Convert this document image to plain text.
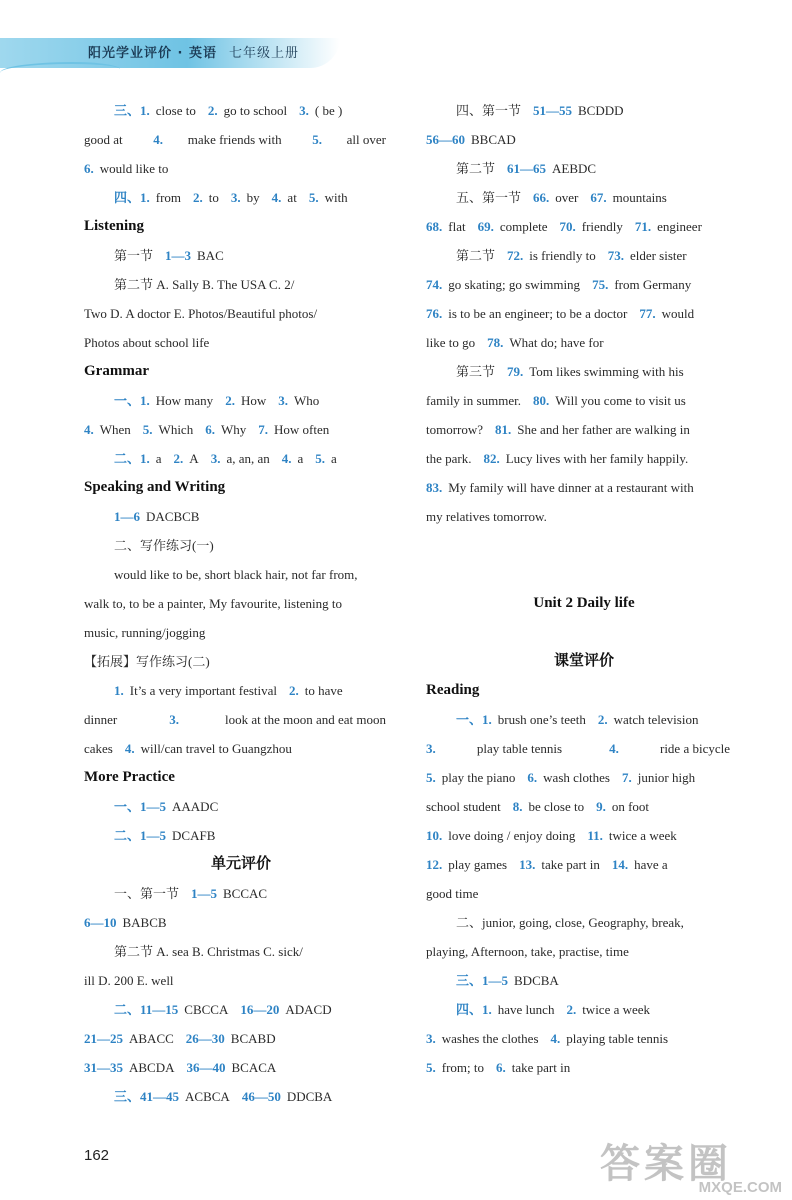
阳光学业评价 · 英语 七年级上册
三、1. close to 2. go to school 3. ( be )
good at 4. make friends with 5. all over
6. would like to
四、1. from 2. to 3. by 4. at 5. with
Listening
第一节 1—3 BAC
第二节 A. Sally B. The USA C. 2/
Two D. A doctor E. Photos/Beautiful photos/
Photos about school life
Grammar
一、1. How many 2. How 3. Who
4. When 5. Which 6. Why 7. How often
二、1. a 2. A 3. a, an, an 4. a 5. a
Speaking and Writing
1—6 DACBCB
二、写作练习(一)
would like to be, short black hair, not far from,
walk to, to be a painter, My favourite, listening to
music, running/jogging
【拓展】写作练习(二)
1. It’s a very important festival 2. to have
dinner	3.	look at the moon and eat moon
cakes 4. will/can travel to Guangzhou
More Practice
一、1—5 AAADC
二、1—5 DCAFB
单元评价
一、第一节 1—5 BCCAC
6—10 BABCB
第二节 A. sea B. Christmas C. sick/
ill D. 200 E. well
二、11—15 CBCCA 16—20 ADACD
21—25 ABACC 26—30 BCABD
31—35 ABCDA 36—40 BCACA
三、41—45 ACBCA 46—50 DDCBA
四、第一节 51—55 BCDDD
56—60 BBCAD
第二节 61—65 AEBDC
五、第一节 66. over 67. mountains
68. flat 69. complete 70. friendly 71. engineer
第二节 72. is friendly to 73. elder sister
74. go skating; go swimming 75. from Germany
76. is to be an engineer; to be a doctor 77. would
like to go 78. What do; have for
第三节 79. Tom likes swimming with his
family in summer. 80. Will you come to visit us
tomorrow? 81. She and her father are walking in
the park. 82. Lucy lives with her family happily.
83. My family will have dinner at a restaurant with
my relatives tomorrow.
Unit 2 Daily life
课堂评价
Reading
一、1. brush one’s teeth 2. watch television
3.	play table tennis	4.	ride a bicycle
5. play the piano 6. wash clothes 7. junior high
school student 8. be close to 9. on foot
10. love doing / enjoy doing 11. twice a week
12. play games 13. take part in 14. have a
good time
二、junior, going, close, Geography, break,
playing, Afternoon, take, practise, time
三、1—5 BDCBA
四、1. have lunch 2. twice a week
3. washes the clothes 4. playing table tennis
5. from; to 6. take part in
162	答案圈
MXQE.COM
